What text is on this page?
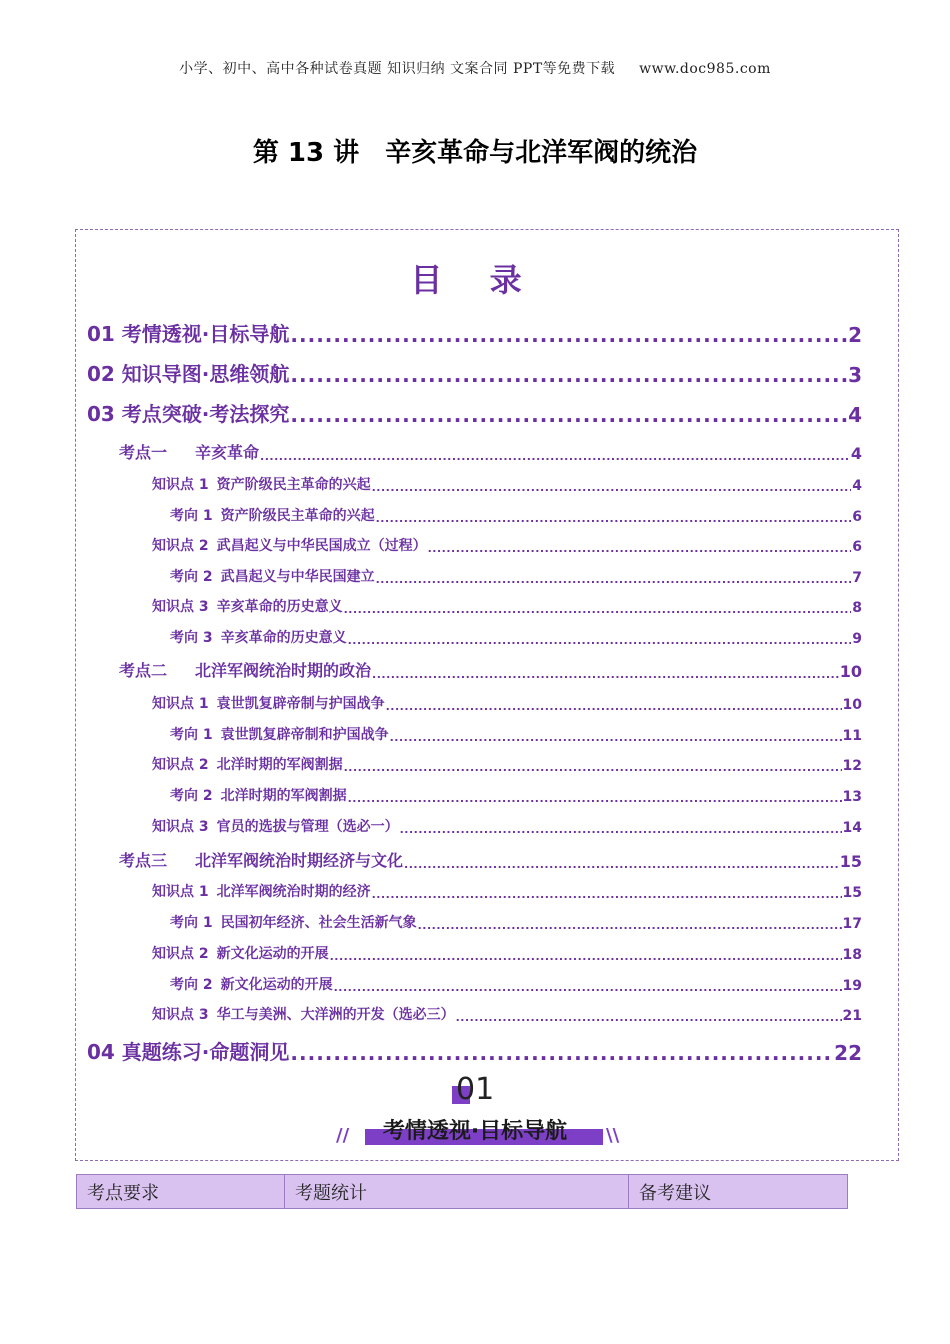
小学、初中、高中各种试卷真题 知识归纳 文案合同 PPT等免费下载 www.doc985.com
第 13 讲 辛亥革命与北洋军阀的统治
目 录
01 考情透视·目标导航 .....	2
02 知识导图·思维领航 .....	3
03 考点突破·考法探究 .....	4
考点一 辛亥革命 .....	4
知识点 1 资产阶级民主革命的兴起 .....	4
考向 1 资产阶级民主革命的兴起 .....	6
知识点 2 武昌起义与中华民国成立（过程） .....	6
考向 2 武昌起义与中华民国建立 .....	7
知识点 3 辛亥革命的历史意义 .....	8
考向 3 辛亥革命的历史意义 .....	9
考点二 北洋军阀统治时期的政治 .....	10
知识点 1 袁世凯复辟帝制与护国战争 .....	10
考向 1 袁世凯复辟帝制和护国战争 .....	11
知识点 2 北洋时期的军阀割据 .....	12
考向 2 北洋时期的军阀割据 .....	13
知识点 3 官员的选拔与管理（选必一） .....	14
考点三 北洋军阀统治时期经济与文化 .....	15
知识点 1 北洋军阀统治时期的经济 .....	15
考向 1 民国初年经济、社会生活新气象 .....	17
知识点 2 新文化运动的开展 .....	18
考向 2 新文化运动的开展 .....	19
知识点 3 华工与美洲、大洋洲的开发（选必三） .....	21
04 真题练习·命题洞见 .....	22
01
//	考情透视·目标导航	\\
考点要求	考题统计	备考建议
